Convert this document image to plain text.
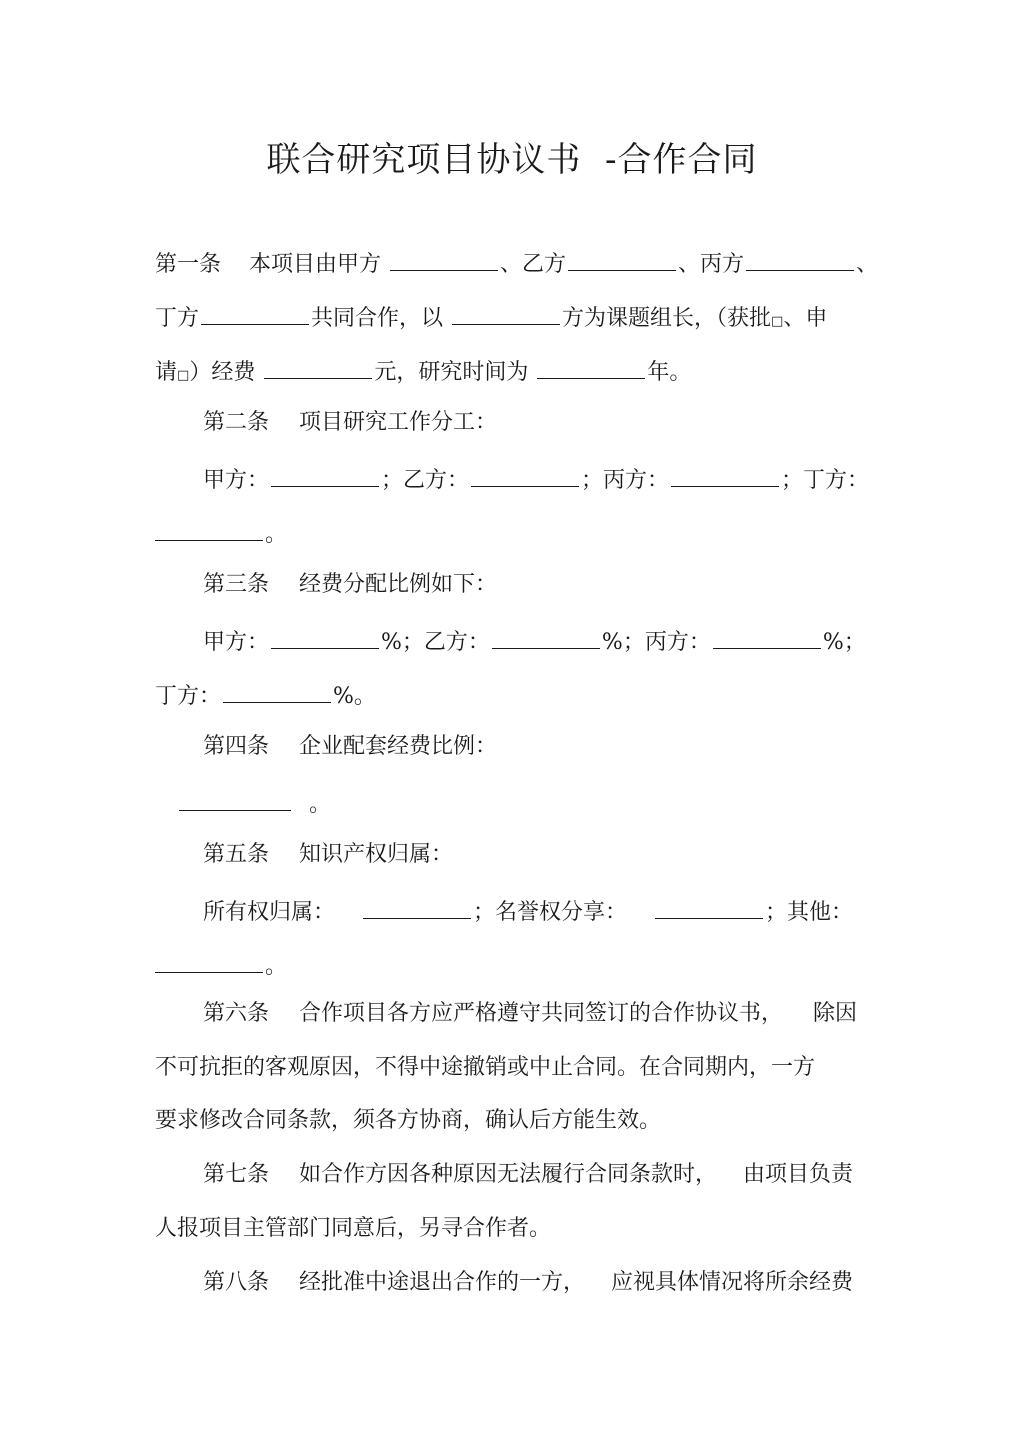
联合研究项目协议书  -合作合同
第一条 本项目由甲方	、乙方	、丙方	、
丁方	共同合作，以	方为课题组长，（获批□、申
请□）经费	元，研究时间为	年。
第二条 项目研究工作分工：
甲方：	；乙方：	；丙方：	；丁方：
。
第三条 经费分配比例如下：
甲方：	%；乙方：	%；丙方：	%；
丁方：	%。
第四条 企业配套经费比例：
。
第五条 知识产权归属：
所有权归属：	；名誉权分享：	；其他：
。
第六条 合作项目各方应严格遵守共同签订的合作协议书， 除因
不可抗拒的客观原因，不得中途撤销或中止合同。在合同期内，一方
要求修改合同条款，须各方协商，确认后方能生效。
第七条 如合作方因各种原因无法履行合同条款时， 由项目负责
人报项目主管部门同意后，另寻合作者。
第八条 经批准中途退出合作的一方， 应视具体情况将所余经费
